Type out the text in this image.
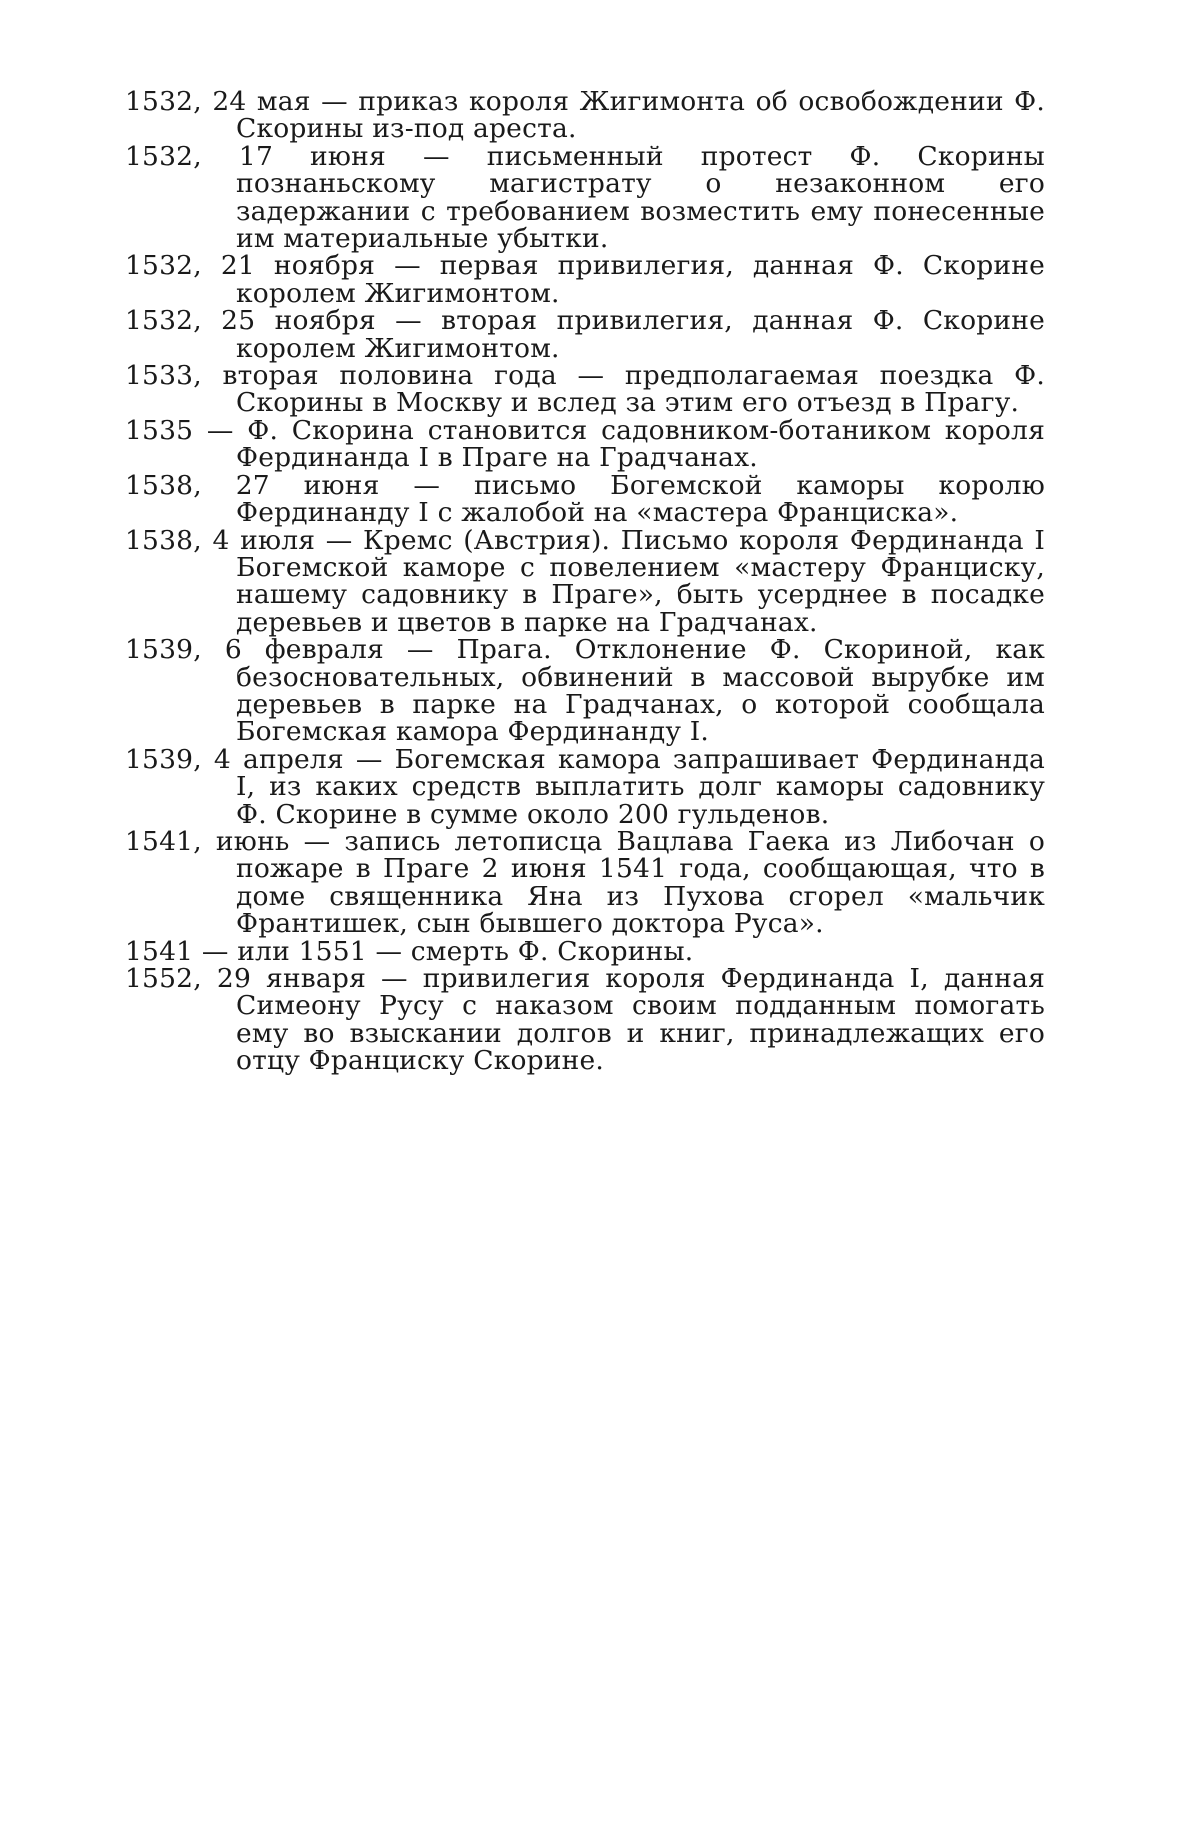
1532, 24 мая — приказ короля Жигимонта об освобождении Ф. Скорины из-под ареста.

1532, 17 июня — письменный протест Ф. Скорины познаньскому магистрату о незаконном его задержании с требованием возместить ему понесенные им материальные убытки.

1532, 21 ноября — первая привилегия, данная Ф. Скорине королем Жигимонтом.

1532, 25 ноября — вторая привилегия, данная Ф. Скорине королем Жигимонтом.

1533, вторая половина года — предполагаемая поездка Ф. Скорины в Москву и вслед за этим его отъезд в Прагу.

1535 — Ф. Скорина становится садовником-ботаником короля Фердинанда I в Праге на Градчанах.

1538, 27 июня — письмо Богемской каморы королю Фердинанду I с жалобой на «мастера Франциска».

1538, 4 июля — Кремс (Австрия). Письмо короля Фердинанда I Богемской каморе с повелением «мастеру Франциску, нашему садовнику в Праге», быть усерднее в посадке деревьев и цветов в парке на Градчанах.

1539, 6 февраля — Прага. Отклонение Ф. Скориной, как безосновательных, обвинений в массовой вырубке им деревьев в парке на Градчанах, о которой сообщала Богемская камора Фердинанду I.

1539, 4 апреля — Богемская камора запрашивает Фердинанда I, из каких средств выплатить долг каморы садовнику Ф. Скорине в сумме около 200 гульденов.

1541, июнь — запись летописца Вацлава Гаека из Либочан о пожаре в Праге 2 июня 1541 года, сообщающая, что в доме священника Яна из Пухова сгорел «мальчик Франтишек, сын бывшего доктора Руса».

1541 — или 1551 — смерть Ф. Скорины.

1552, 29 января — привилегия короля Фердинанда I, данная Симеону Русу с наказом своим подданным помогать ему во взыскании долгов и книг, принадлежащих его отцу Франциску Скорине.
